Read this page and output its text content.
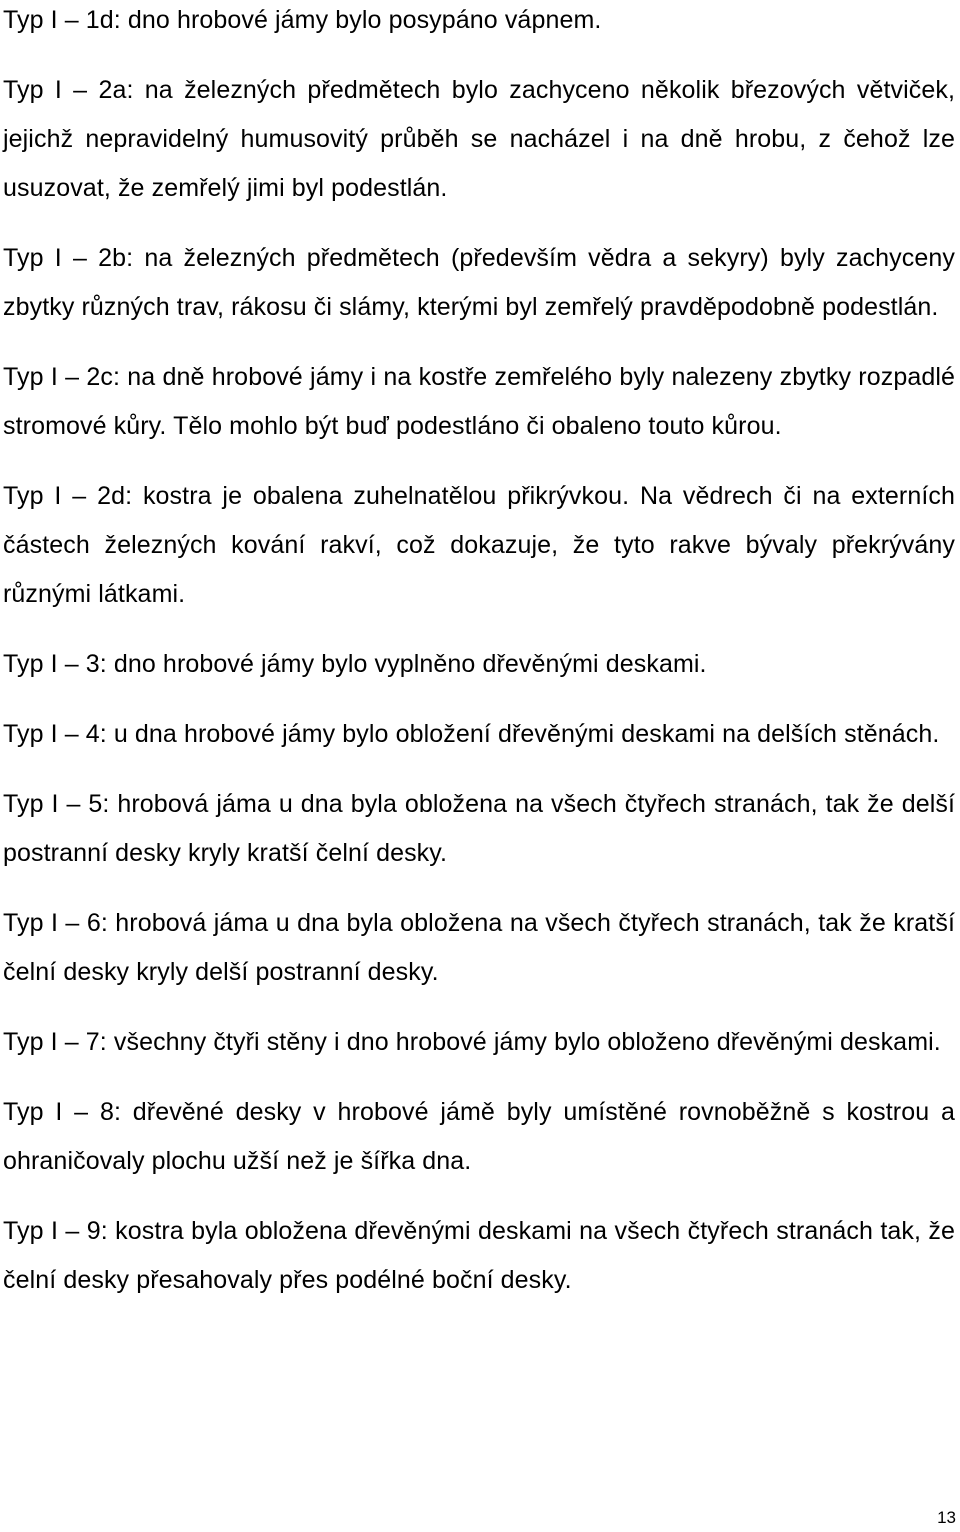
Typ I – 1d: dno hrobové jámy bylo posypáno vápnem.

Typ I – 2a: na železných předmětech bylo zachyceno několik březových větviček, jejichž nepravidelný humusovitý průběh se nacházel i na dně hrobu, z čehož lze usuzovat, že zemřelý jimi byl podestlán.

Typ I – 2b: na železných předmětech (především vědra a sekyry) byly zachyceny zbytky různých trav, rákosu či slámy, kterými byl zemřelý pravděpodobně podestlán.

Typ I – 2c: na dně hrobové jámy i na kostře zemřelého byly nalezeny zbytky rozpadlé stromové kůry. Tělo mohlo být buď podestláno či obaleno touto kůrou.

Typ I – 2d: kostra je obalena zuhelnatělou přikrývkou. Na vědrech či na externích částech železných kování rakví, což dokazuje, že tyto rakve bývaly překrývány různými látkami.

Typ I – 3: dno hrobové jámy bylo vyplněno dřevěnými deskami.

Typ I – 4: u dna hrobové jámy bylo obložení dřevěnými deskami na delších stěnách.

Typ I – 5: hrobová jáma u dna byla obložena na všech čtyřech stranách, tak že delší postranní desky kryly kratší čelní desky.

Typ I – 6: hrobová jáma u dna byla obložena na všech čtyřech stranách, tak že kratší čelní desky kryly delší postranní desky.

Typ I – 7: všechny čtyři stěny i dno hrobové jámy bylo obloženo dřevěnými deskami.

Typ I – 8: dřevěné desky v hrobové jámě byly umístěné rovnoběžně s kostrou a ohraničovaly plochu užší než je šířka dna.

Typ I – 9: kostra byla obložena dřevěnými deskami na všech čtyřech stranách tak, že čelní desky přesahovaly přes podélné boční desky.

13
